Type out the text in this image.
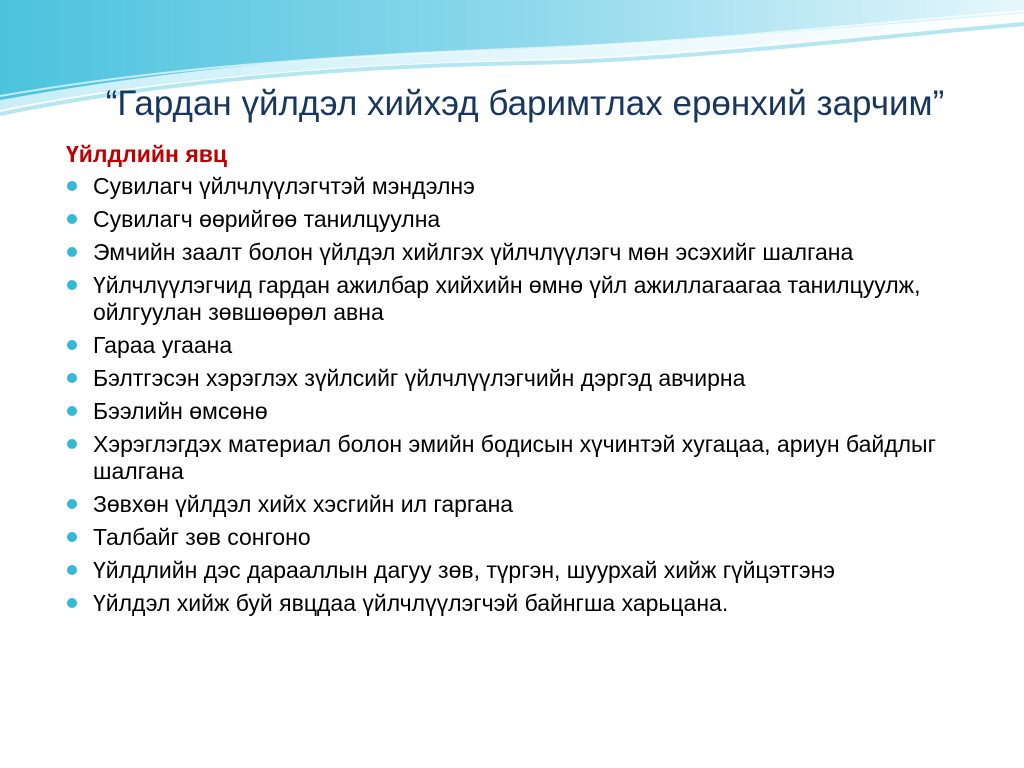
“Гардан үйлдэл хийхэд баримтлах ерөнхий зарчим”
Үйлдлийн явц
Сувилагч үйлчлүүлэгчтэй мэндэлнэ
Сувилагч өөрийгөө танилцуулна
Эмчийн заалт болон үйлдэл хийлгэх үйлчлүүлэгч мөн эсэхийг шалгана
Үйлчлүүлэгчид гардан ажилбар хийхийн өмнө үйл ажиллагаагаа танилцуулж, ойлгуулан зөвшөөрөл авна
Гараа угаана
Бэлтгэсэн хэрэглэх зүйлсийг үйлчлүүлэгчийн дэргэд авчирна
Бээлийн өмсөнө
Хэрэглэгдэх материал болон эмийн бодисын хүчинтэй хугацаа, ариун байдлыг шалгана
Зөвхөн үйлдэл хийх хэсгийн ил гаргана
Талбайг зөв сонгоно
Үйлдлийн дэс дарааллын дагуу зөв, түргэн, шуурхай хийж гүйцэтгэнэ
Үйлдэл хийж буй явцдаа үйлчлүүлэгчэй байнгша харьцана.
